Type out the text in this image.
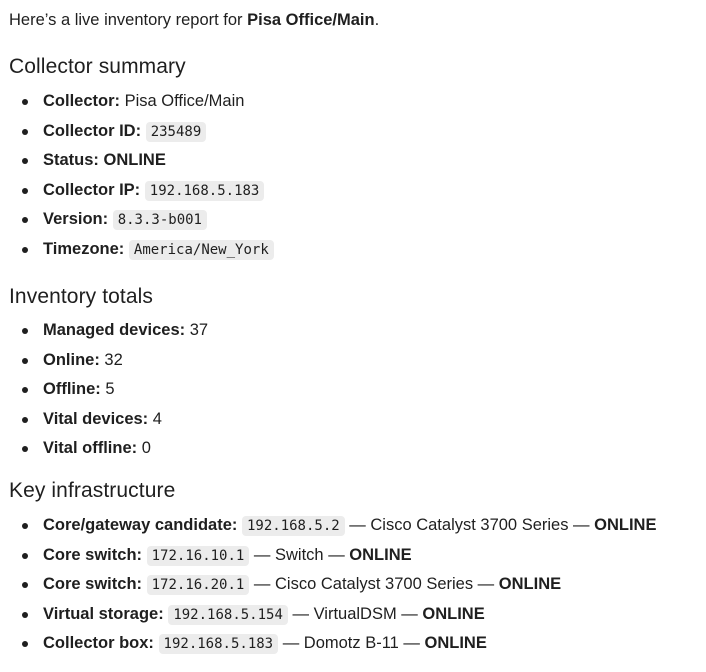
Here’s a live inventory report for Pisa Office/Main.
Collector summary
Collector: Pisa Office/Main
Collector ID: 235489
Status: ONLINE
Collector IP: 192.168.5.183
Version: 8.3.3-b001
Timezone: America/New_York
Inventory totals
Managed devices: 37
Online: 32
Offline: 5
Vital devices: 4
Vital offline: 0
Key infrastructure
Core/gateway candidate: 192.168.5.2 — Cisco Catalyst 3700 Series — ONLINE
Core switch: 172.16.10.1 — Switch — ONLINE
Core switch: 172.16.20.1 — Cisco Catalyst 3700 Series — ONLINE
Virtual storage: 192.168.5.154 — VirtualDSM — ONLINE
Collector box: 192.168.5.183 — Domotz B-11 — ONLINE
